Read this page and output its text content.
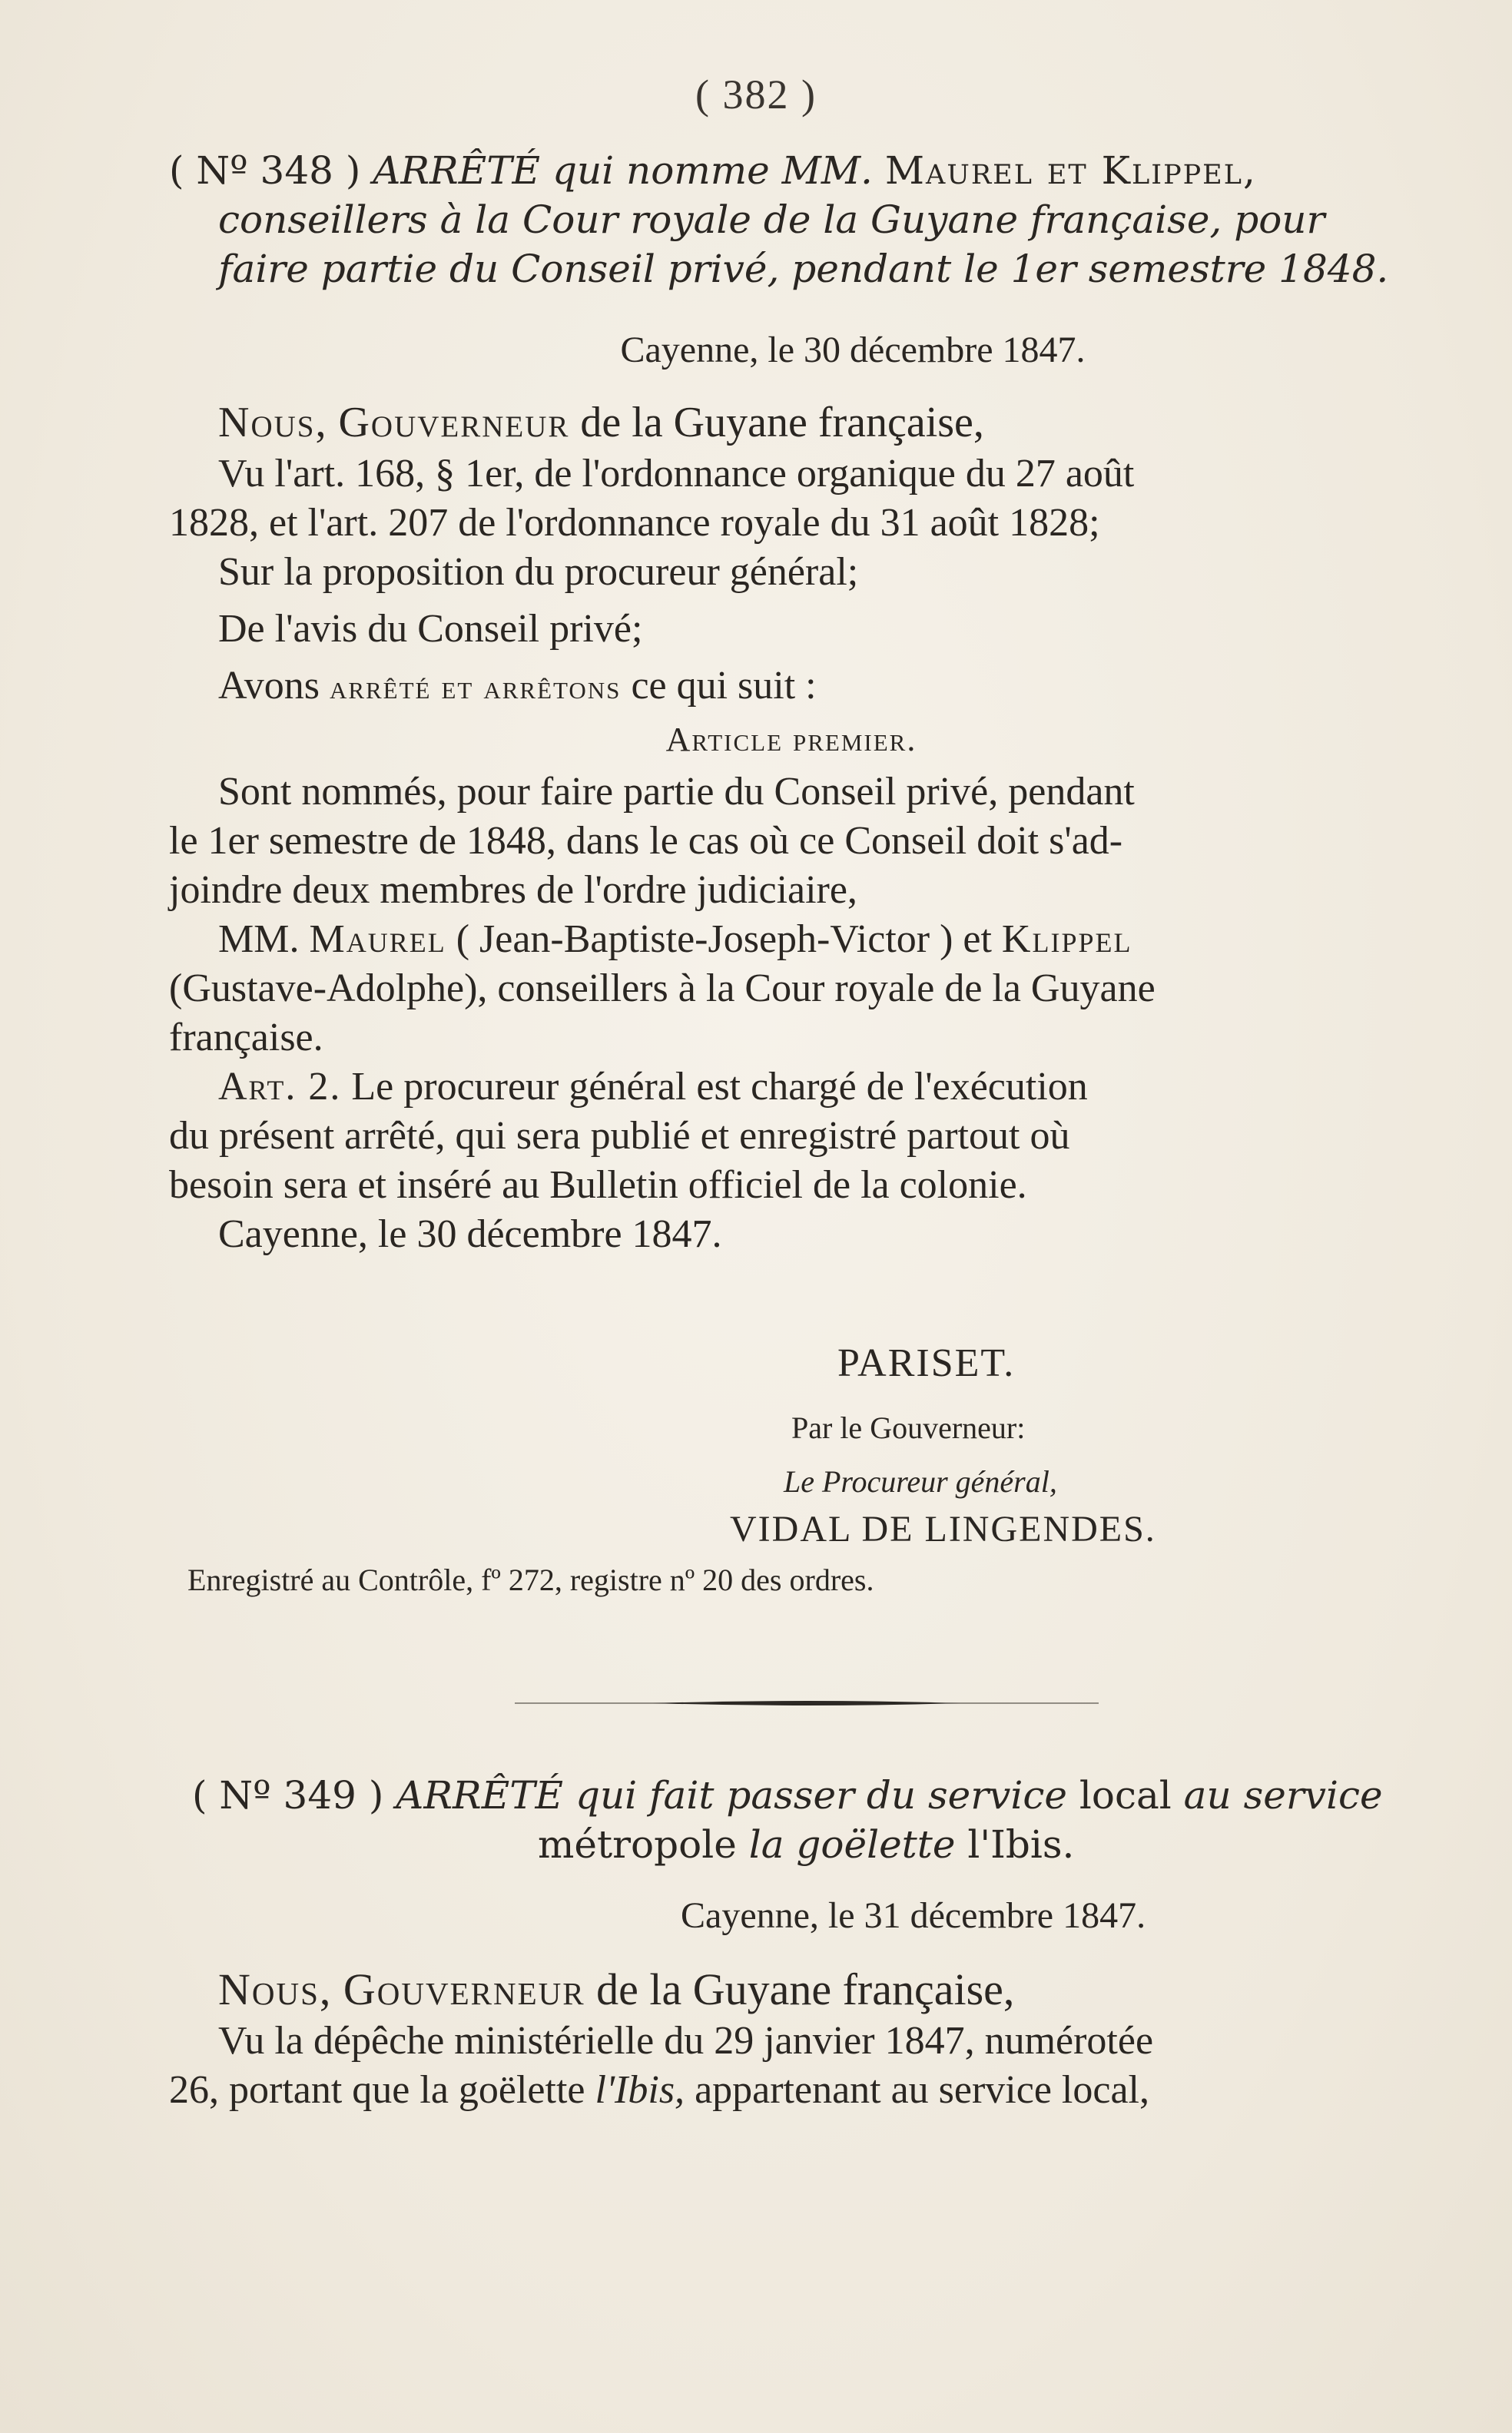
( 382 )
( Nº 348 ) ARRÊTÉ qui nomme MM. Maurel et Klippel,
conseillers à la Cour royale de la Guyane française, pour
faire partie du Conseil privé, pendant le 1er semestre 1848.
Cayenne, le 30 décembre 1847.
Nous, Gouverneur de la Guyane française,
Vu l'art. 168, § 1er, de l'ordonnance organique du 27 août
1828, et l'art. 207 de l'ordonnance royale du 31 août 1828;
Sur la proposition du procureur général;
De l'avis du Conseil privé;
Avons arrêté et arrêtons ce qui suit :
Article premier.
Sont nommés, pour faire partie du Conseil privé, pendant
le 1er semestre de 1848, dans le cas où ce Conseil doit s'ad-
joindre deux membres de l'ordre judiciaire,
MM. Maurel ( Jean-Baptiste-Joseph-Victor ) et Klippel
(Gustave-Adolphe), conseillers à la Cour royale de la Guyane
française.
Art. 2. Le procureur général est chargé de l'exécution
du présent arrêté, qui sera publié et enregistré partout où
besoin sera et inséré au Bulletin officiel de la colonie.
Cayenne, le 30 décembre 1847.
PARISET.
Par le Gouverneur:
Le Procureur général,
VIDAL DE LINGENDES.
Enregistré au Contrôle, fº 272, registre nº 20 des ordres.
( Nº 349 ) ARRÊTÉ qui fait passer du service local au service
métropole la goëlette l'Ibis.
Cayenne, le 31 décembre 1847.
Nous, Gouverneur de la Guyane française,
Vu la dépêche ministérielle du 29 janvier 1847, numérotée
26, portant que la goëlette l'Ibis, appartenant au service local,
